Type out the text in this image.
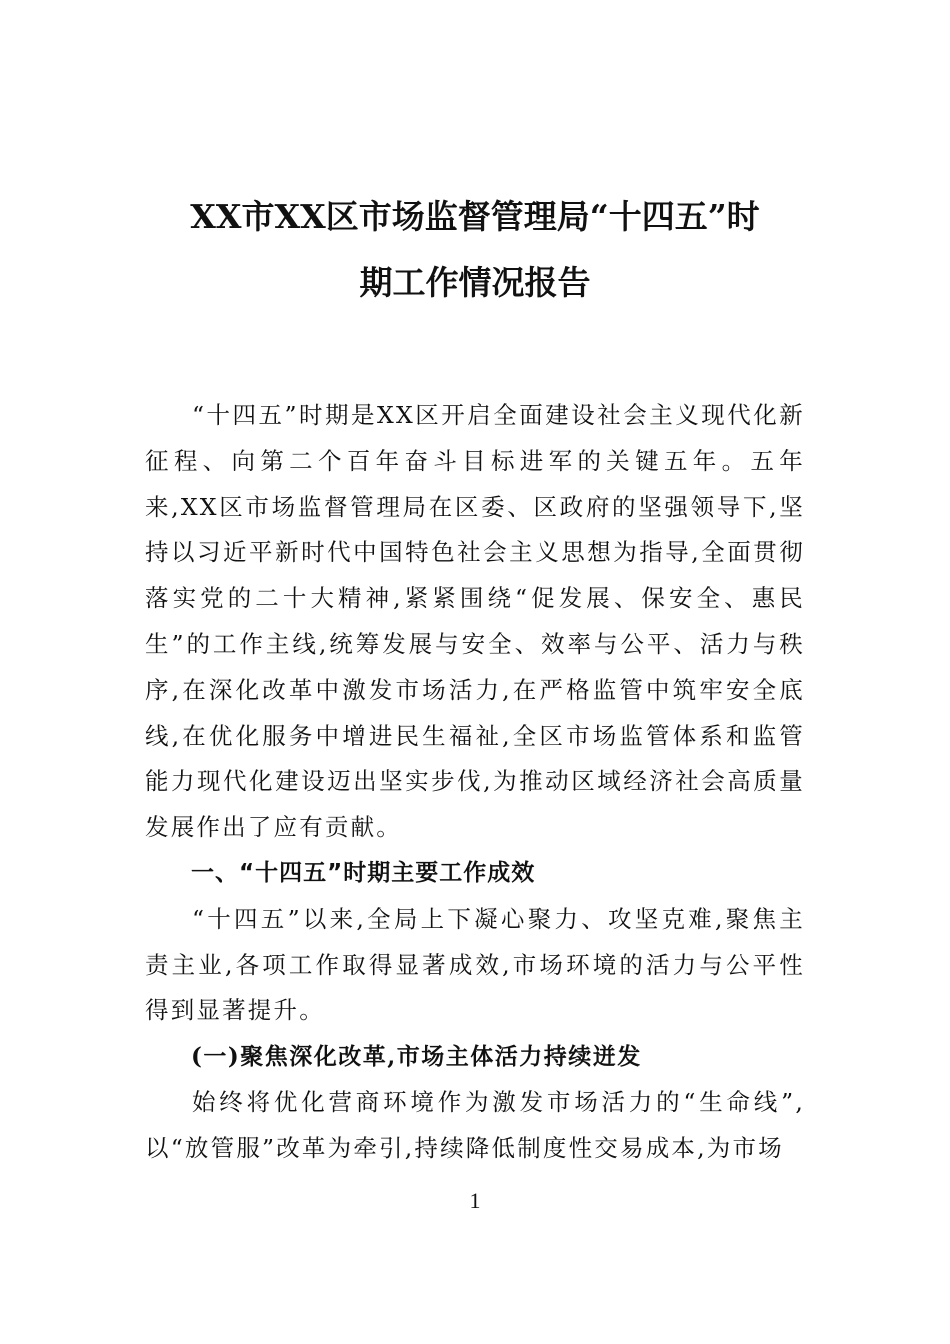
XX市XX区市场监督管理局“十四五”时
期工作情况报告

“十四五”时期是XX区开启全面建设社会主义现代化新征程、向第二个百年奋斗目标进军的关键五年。五年来,XX区市场监督管理局在区委、区政府的坚强领导下,坚持以习近平新时代中国特色社会主义思想为指导,全面贯彻落实党的二十大精神,紧紧围绕“促发展、保安全、惠民生”的工作主线,统筹发展与安全、效率与公平、活力与秩序,在深化改革中激发市场活力,在严格监管中筑牢安全底线,在优化服务中增进民生福祉,全区市场监管体系和监管能力现代化建设迈出坚实步伐,为推动区域经济社会高质量发展作出了应有贡献。

一、“十四五”时期主要工作成效

“十四五”以来,全局上下凝心聚力、攻坚克难,聚焦主责主业,各项工作取得显著成效,市场环境的活力与公平性得到显著提升。

(一)聚焦深化改革,市场主体活力持续迸发

始终将优化营商环境作为激发市场活力的“生命线”,以“放管服”改革为牵引,持续降低制度性交易成本,为市场

1
